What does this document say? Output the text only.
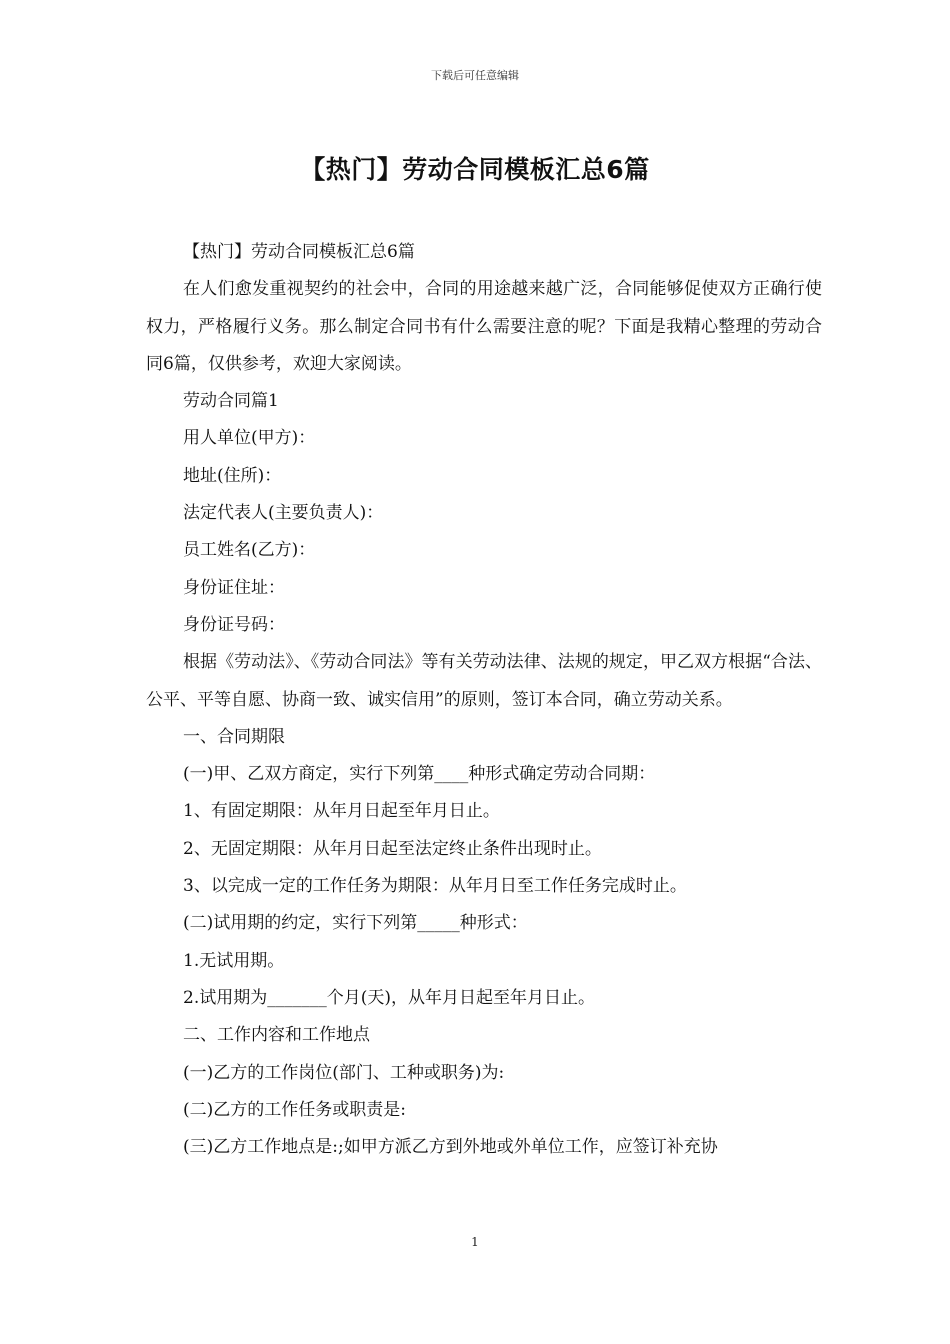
下载后可任意编辑
【热门】劳动合同模板汇总6篇

【热门】劳动合同模板汇总6篇

在人们愈发重视契约的社会中，合同的用途越来越广泛，合同能够促使双方正确行使权力，严格履行义务。那么制定合同书有什么需要注意的呢？下面是我精心整理的劳动合同6篇，仅供参考，欢迎大家阅读。

劳动合同篇1

用人单位(甲方)：

地址(住所)：

法定代表人(主要负责人)：

员工姓名(乙方)：

身份证住址：

身份证号码：

根据《劳动法》、《劳动合同法》等有关劳动法律、法规的规定，甲乙双方根据“合法、公平、平等自愿、协商一致、诚实信用”的原则，签订本合同，确立劳动关系。

一、合同期限

(一)甲、乙双方商定，实行下列第____种形式确定劳动合同期：

1、有固定期限：从年月日起至年月日止。

2、无固定期限：从年月日起至法定终止条件出现时止。

3、以完成一定的工作任务为期限：从年月日至工作任务完成时止。

(二)试用期的约定，实行下列第_____种形式：

1.无试用期。

2.试用期为_______个月(天)，从年月日起至年月日止。

二、工作内容和工作地点

(一)乙方的工作岗位(部门、工种或职务)为:

(二)乙方的工作任务或职责是:

(三)乙方工作地点是:;如甲方派乙方到外地或外单位工作，应签订补充协

1
